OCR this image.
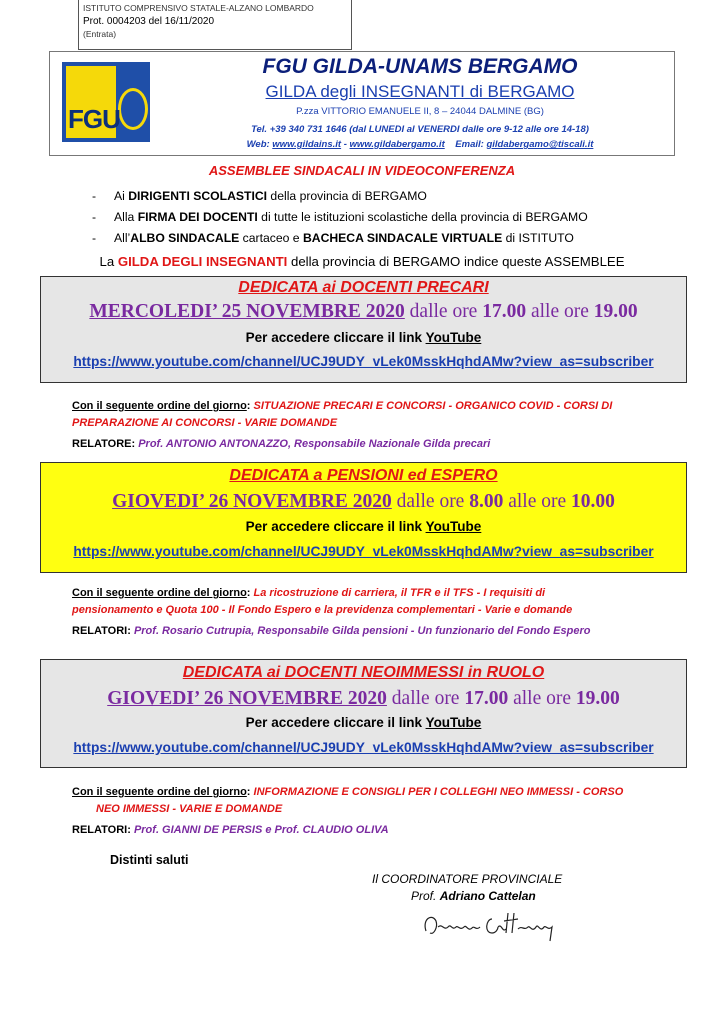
ISTITUTO COMPRENSIVO STATALE-ALZANO LOMBARDO
Prot. 0004203 del 16/11/2020
(Entrata)
FGU
FGU GILDA-UNAMS BERGAMO
GILDA degli INSEGNANTI di BERGAMO
P.zza VITTORIO EMANUELE II, 8 – 24044 DALMINE (BG)
Tel. +39 340 731 1646 (dal LUNEDI al VENERDI dalle ore 9-12 alle ore 14-18)
Web: www.gildains.it - www.gildabergamo.it Email: gildabergamo@tiscali.it
ASSEMBLEE SINDACALI IN VIDEOCONFERENZA
- Ai DIRIGENTI SCOLASTICI della provincia di BERGAMO
- Alla FIRMA DEI DOCENTI di tutte le istituzioni scolastiche della provincia di BERGAMO
- All’ALBO SINDACALE cartaceo e BACHECA SINDACALE VIRTUALE di ISTITUTO
La GILDA DEGLI INSEGNANTI della provincia di BERGAMO indice queste ASSEMBLEE
DEDICATA ai DOCENTI PRECARI
MERCOLEDI’ 25 NOVEMBRE 2020 dalle ore 17.00 alle ore 19.00
Per accedere cliccare il link YouTube
https://www.youtube.com/channel/UCJ9UDY_vLek0MsskHqhdAMw?view_as=subscriber
Con il seguente ordine del giorno: SITUAZIONE PRECARI E CONCORSI - ORGANICO COVID - CORSI DI
PREPARAZIONE AI CONCORSI - VARIE DOMANDE
RELATORE: Prof. ANTONIO ANTONAZZO, Responsabile Nazionale Gilda precari
DEDICATA a PENSIONI ed ESPERO
GIOVEDI’ 26 NOVEMBRE 2020 dalle ore 8.00 alle ore 10.00
Per accedere cliccare il link YouTube
https://www.youtube.com/channel/UCJ9UDY_vLek0MsskHqhdAMw?view_as=subscriber
Con il seguente ordine del giorno: La ricostruzione di carriera, il TFR e il TFS - I requisiti di
pensionamento e Quota 100 - Il Fondo Espero e la previdenza complementari - Varie e domande
RELATORI: Prof. Rosario Cutrupia, Responsabile Gilda pensioni - Un funzionario del Fondo Espero
DEDICATA ai DOCENTI NEOIMMESSI in RUOLO
GIOVEDI’ 26 NOVEMBRE 2020 dalle ore 17.00 alle ore 19.00
Per accedere cliccare il link YouTube
https://www.youtube.com/channel/UCJ9UDY_vLek0MsskHqhdAMw?view_as=subscriber
Con il seguente ordine del giorno: INFORMAZIONE E CONSIGLI PER I COLLEGHI NEO IMMESSI - CORSO
NEO IMMESSI - VARIE E DOMANDE
RELATORI: Prof. GIANNI DE PERSIS e Prof. CLAUDIO OLIVA
Distinti saluti
Il COORDINATORE PROVINCIALE
Prof. Adriano Cattelan
